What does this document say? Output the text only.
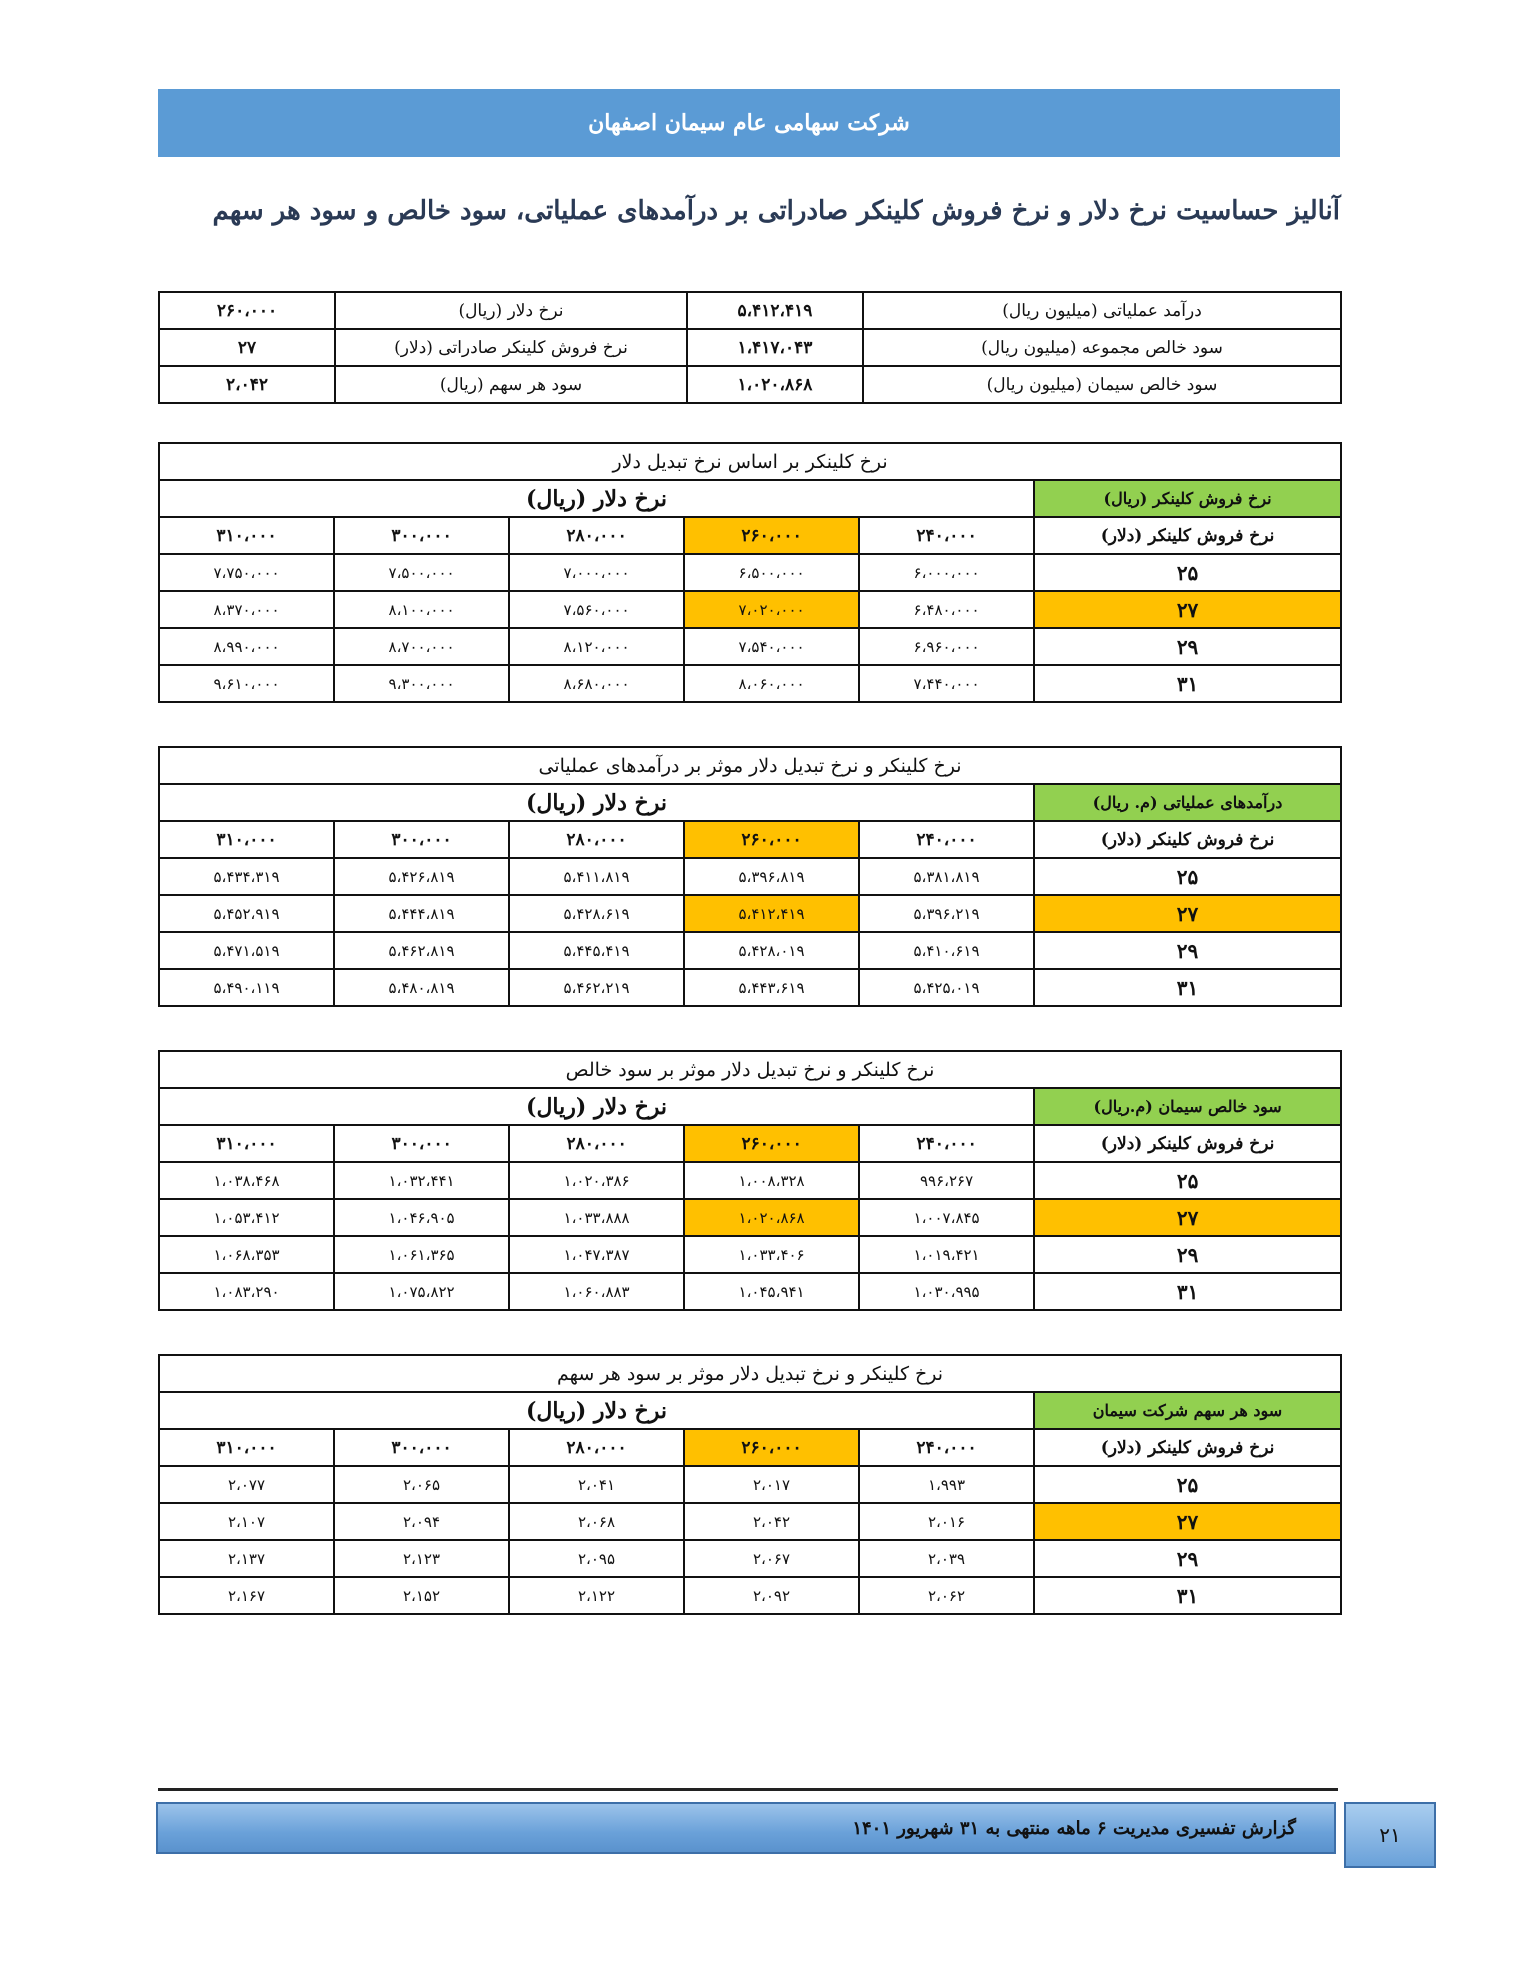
شرکت سهامی عام سیمان اصفهان
آنالیز حساسیت نرخ دلار و نرخ فروش کلینکر صادراتی بر درآمدهای عملیاتی، سود خالص و سود هر سهم
درآمد عملیاتی (میلیون ریال)	۵،۴۱۲،۴۱۹	نرخ دلار (ریال)	۲۶۰،۰۰۰
سود خالص مجموعه (میلیون ریال)	۱،۴۱۷،۰۴۳	نرخ فروش کلینکر صادراتی (دلار)	۲۷
سود خالص سیمان (میلیون ریال)	۱،۰۲۰،۸۶۸	سود هر سهم (ریال)	۲،۰۴۲
نرخ کلینکر بر اساس نرخ تبدیل دلار					
نرخ فروش کلینکر (ریال)	نرخ دلار (ریال)				
نرخ فروش کلینکر (دلار)	۲۴۰،۰۰۰	۲۶۰،۰۰۰	۲۸۰،۰۰۰	۳۰۰،۰۰۰	۳۱۰،۰۰۰
۲۵	۶،۰۰۰،۰۰۰	۶،۵۰۰،۰۰۰	۷،۰۰۰،۰۰۰	۷،۵۰۰،۰۰۰	۷،۷۵۰،۰۰۰
۲۷	۶،۴۸۰،۰۰۰	۷،۰۲۰،۰۰۰	۷،۵۶۰،۰۰۰	۸،۱۰۰،۰۰۰	۸،۳۷۰،۰۰۰
۲۹	۶،۹۶۰،۰۰۰	۷،۵۴۰،۰۰۰	۸،۱۲۰،۰۰۰	۸،۷۰۰،۰۰۰	۸،۹۹۰،۰۰۰
۳۱	۷،۴۴۰،۰۰۰	۸،۰۶۰،۰۰۰	۸،۶۸۰،۰۰۰	۹،۳۰۰،۰۰۰	۹،۶۱۰،۰۰۰
نرخ کلینکر و نرخ تبدیل دلار موثر بر درآمدهای عملیاتی					
درآمدهای عملیاتی (م. ریال)	نرخ دلار (ریال)				
نرخ فروش کلینکر (دلار)	۲۴۰،۰۰۰	۲۶۰،۰۰۰	۲۸۰،۰۰۰	۳۰۰،۰۰۰	۳۱۰،۰۰۰
۲۵	۵،۳۸۱،۸۱۹	۵،۳۹۶،۸۱۹	۵،۴۱۱،۸۱۹	۵،۴۲۶،۸۱۹	۵،۴۳۴،۳۱۹
۲۷	۵،۳۹۶،۲۱۹	۵،۴۱۲،۴۱۹	۵،۴۲۸،۶۱۹	۵،۴۴۴،۸۱۹	۵،۴۵۲،۹۱۹
۲۹	۵،۴۱۰،۶۱۹	۵،۴۲۸،۰۱۹	۵،۴۴۵،۴۱۹	۵،۴۶۲،۸۱۹	۵،۴۷۱،۵۱۹
۳۱	۵،۴۲۵،۰۱۹	۵،۴۴۳،۶۱۹	۵،۴۶۲،۲۱۹	۵،۴۸۰،۸۱۹	۵،۴۹۰،۱۱۹
نرخ کلینکر و نرخ تبدیل دلار موثر بر سود خالص					
سود خالص سیمان (م.ریال)	نرخ دلار (ریال)				
نرخ فروش کلینکر (دلار)	۲۴۰،۰۰۰	۲۶۰،۰۰۰	۲۸۰،۰۰۰	۳۰۰،۰۰۰	۳۱۰،۰۰۰
۲۵	۹۹۶،۲۶۷	۱،۰۰۸،۳۲۸	۱،۰۲۰،۳۸۶	۱،۰۳۲،۴۴۱	۱،۰۳۸،۴۶۸
۲۷	۱،۰۰۷،۸۴۵	۱،۰۲۰،۸۶۸	۱،۰۳۳،۸۸۸	۱،۰۴۶،۹۰۵	۱،۰۵۳،۴۱۲
۲۹	۱،۰۱۹،۴۲۱	۱،۰۳۳،۴۰۶	۱،۰۴۷،۳۸۷	۱،۰۶۱،۳۶۵	۱،۰۶۸،۳۵۳
۳۱	۱،۰۳۰،۹۹۵	۱،۰۴۵،۹۴۱	۱،۰۶۰،۸۸۳	۱،۰۷۵،۸۲۲	۱،۰۸۳،۲۹۰
نرخ کلینکر و نرخ تبدیل دلار موثر بر سود هر سهم					
سود هر سهم شرکت سیمان	نرخ دلار (ریال)				
نرخ فروش کلینکر (دلار)	۲۴۰،۰۰۰	۲۶۰،۰۰۰	۲۸۰،۰۰۰	۳۰۰،۰۰۰	۳۱۰،۰۰۰
۲۵	۱،۹۹۳	۲،۰۱۷	۲،۰۴۱	۲،۰۶۵	۲،۰۷۷
۲۷	۲،۰۱۶	۲،۰۴۲	۲،۰۶۸	۲،۰۹۴	۲،۱۰۷
۲۹	۲،۰۳۹	۲،۰۶۷	۲،۰۹۵	۲،۱۲۳	۲،۱۳۷
۳۱	۲،۰۶۲	۲،۰۹۲	۲،۱۲۲	۲،۱۵۲	۲،۱۶۷
گزارش تفسیری مدیریت ۶ ماهه منتهی به ۳۱ شهریور ۱۴۰۱	۲۱
